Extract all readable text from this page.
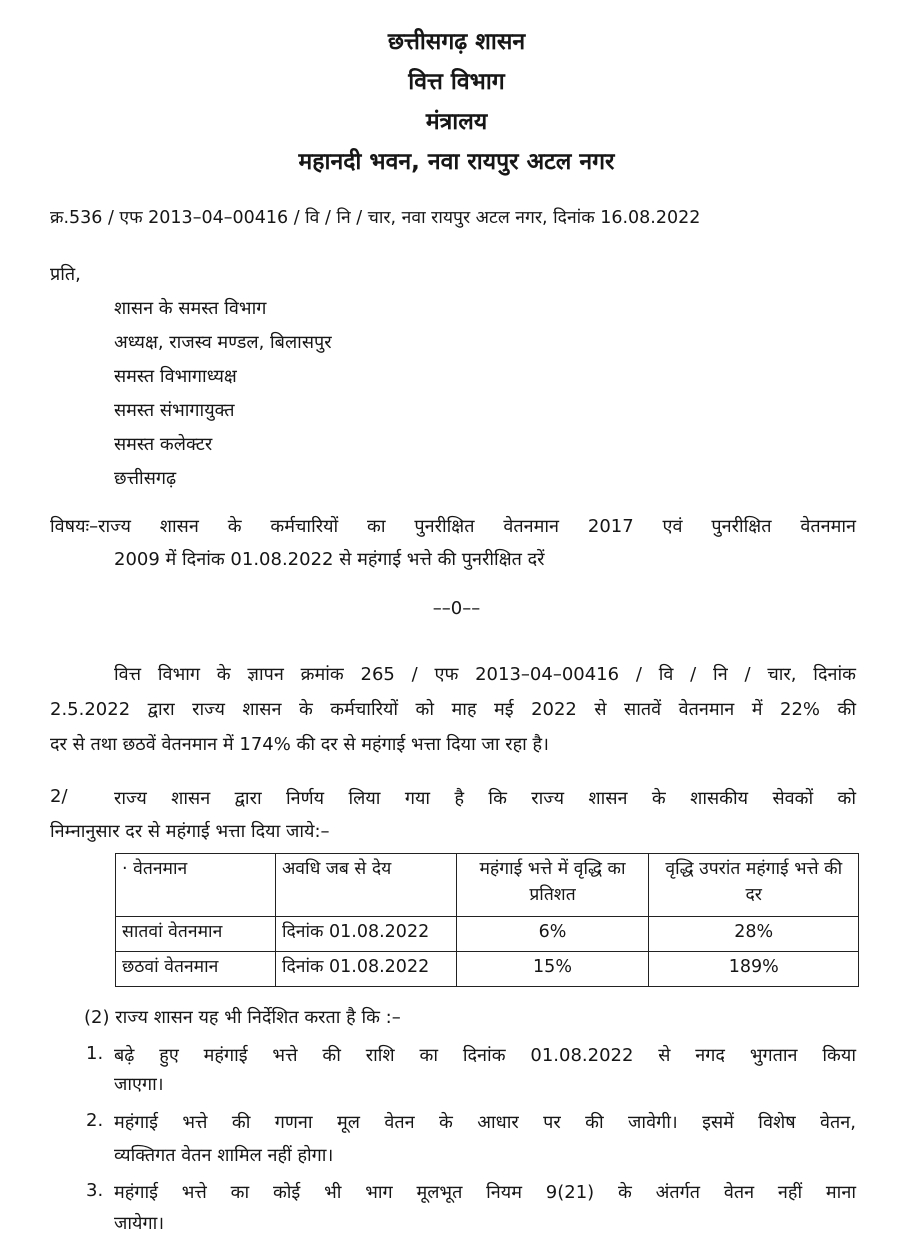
छत्तीसगढ़ शासन
वित्त विभाग
मंत्रालय
महानदी भवन, नवा रायपुर अटल नगर
क्र.536 / एफ 2013–04–00416 / वि / नि / चार, नवा रायपुर अटल नगर, दिनांक 16.08.2022
प्रति,
शासन के समस्त विभाग
अध्यक्ष, राजस्व मण्डल, बिलासपुर
समस्त विभागाध्यक्ष
समस्त संभागायुक्त
समस्त कलेक्टर
छत्तीसगढ़
विषयः–राज्य शासन के कर्मचारियों का पुनरीक्षित वेतनमान 2017 एवं पुनरीक्षित वेतनमान
2009 में दिनांक 01.08.2022 से महंगाई भत्ते की पुनरीक्षित दरें
––0––
वित्त विभाग के ज्ञापन क्रमांक 265 / एफ 2013–04–00416 / वि / नि / चार, दिनांक
2.5.2022 द्वारा राज्य शासन के कर्मचारियों को माह मई 2022 से सातवें वेतनमान में 22% की
दर से तथा छठवें वेतनमान में 174% की दर से महंगाई भत्ता दिया जा रहा है।
2/	राज्य शासन द्वारा निर्णय लिया गया है कि राज्य शासन के शासकीय सेवकों को
निम्नानुसार दर से महंगाई भत्ता दिया जाये:–
· वेतनमान	अवधि जब से देय	महंगाई भत्ते में वृद्धि का प्रतिशत	वृद्धि उपरांत महंगाई भत्ते की दर
सातवां वेतनमान	दिनांक 01.08.2022	6%	28%
छठवां वेतनमान	दिनांक 01.08.2022	15%	189%
(2) राज्य शासन यह भी निर्देशित करता है कि :–
1. बढ़े हुए महंगाई भत्ते की राशि का दिनांक 01.08.2022 से नगद भुगतान किया
जाएगा।
2. महंगाई भत्ते की गणना मूल वेतन के आधार पर की जावेगी। इसमें विशेष वेतन,
व्यक्तिगत वेतन शामिल नहीं होगा।
3. महंगाई भत्ते का कोई भी भाग मूलभूत नियम 9(21) के अंतर्गत वेतन नहीं माना
जायेगा।
